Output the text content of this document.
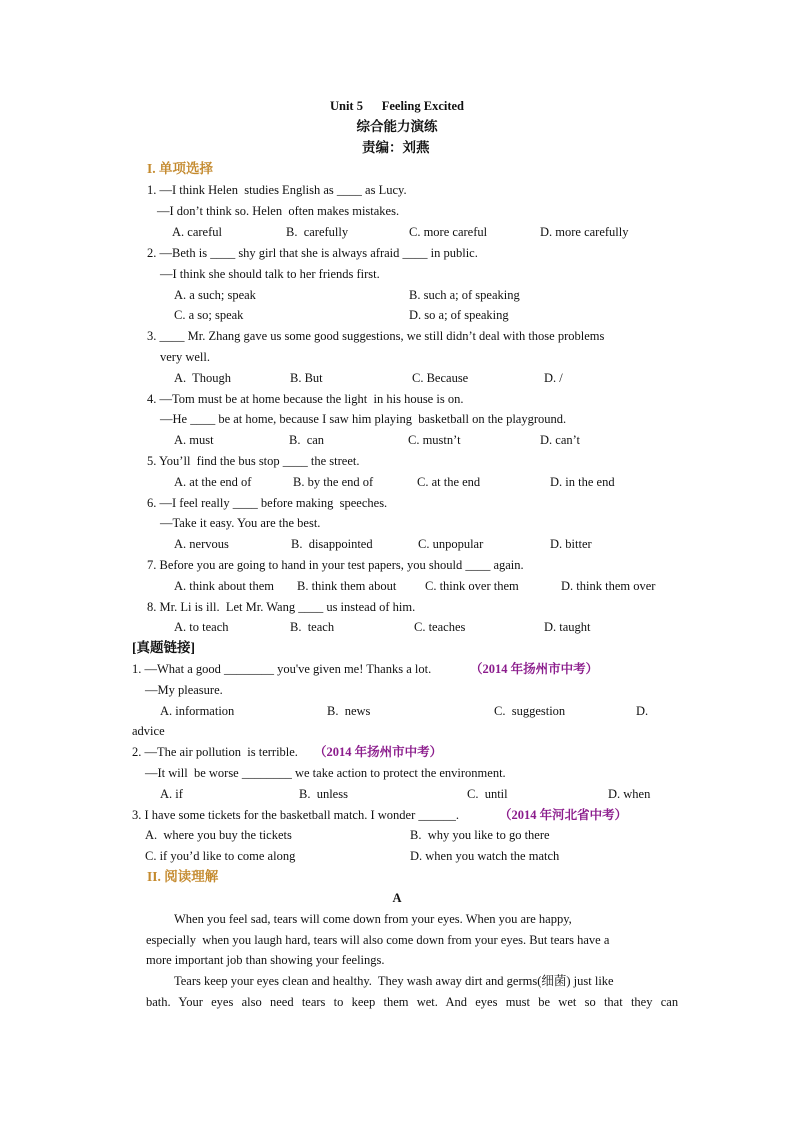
Unit 5      Feeling Excited
综合能力演练
责编：刘燕
I. 单项选择
1. —I think Helen  studies English as ____ as Lucy.
—I don’t think so. Helen  often makes mistakes.
A. careful	B.  carefully	C. more careful	D. more carefully
2. —Beth is ____ shy girl that she is always afraid ____ in public.
—I think she should talk to her friends first.
A. a such; speak	B. such a; of speaking
C. a so; speak	D. so a; of speaking
3. ____ Mr. Zhang gave us some good suggestions, we still didn’t deal with those problems
very well.
A.  Though	B. But	C. Because	D. /
4. —Tom must be at home because the light  in his house is on.
—He ____ be at home, because I saw him playing  basketball on the playground.
A. must	B.  can	C. mustn’t	D. can’t
5. You’ll  find the bus stop ____ the street.
A. at the end of	B. by the end of	C. at the end	D. in the end
6. —I feel really ____ before making  speeches.
—Take it easy. You are the best.
A. nervous	B.  disappointed	C. unpopular	D. bitter
7. Before you are going to hand in your test papers, you should ____ again.
A. think about them B. think them about C. think over them	D. think them over
8. Mr. Li is ill.  Let Mr. Wang ____ us instead of him.
A. to teach	B.  teach	C. teaches	D. taught
[真题链接]
1. —What a good ________ you've given me! Thanks a lot.	（2014 年扬州市中考）
—My pleasure.
A. information	B.  news	C.  suggestion	D.
advice
2. —The air pollution  is terrible. （2014 年扬州市中考）
—It will  be worse ________ we take action to protect the environment.
A. if	B.  unless	C.  until	D. when
3. I have some tickets for the basketball match. I wonder ______.	（2014 年河北省中考）
A.  where you buy the tickets	B.  why you like to go there
C. if you’d like to come along	D. when you watch the match
II. 阅读理解
A
When you feel sad, tears will come down from your eyes. When you are happy,
especially  when you laugh hard, tears will also come down from your eyes. But tears have a
more important job than showing your feelings.
Tears keep your eyes clean and healthy.  They wash away dirt and germs(细菌) just like
bath.  Your  eyes  also  need  tears  to  keep  them  wet.  And  eyes  must  be  wet  so  that  they  can
